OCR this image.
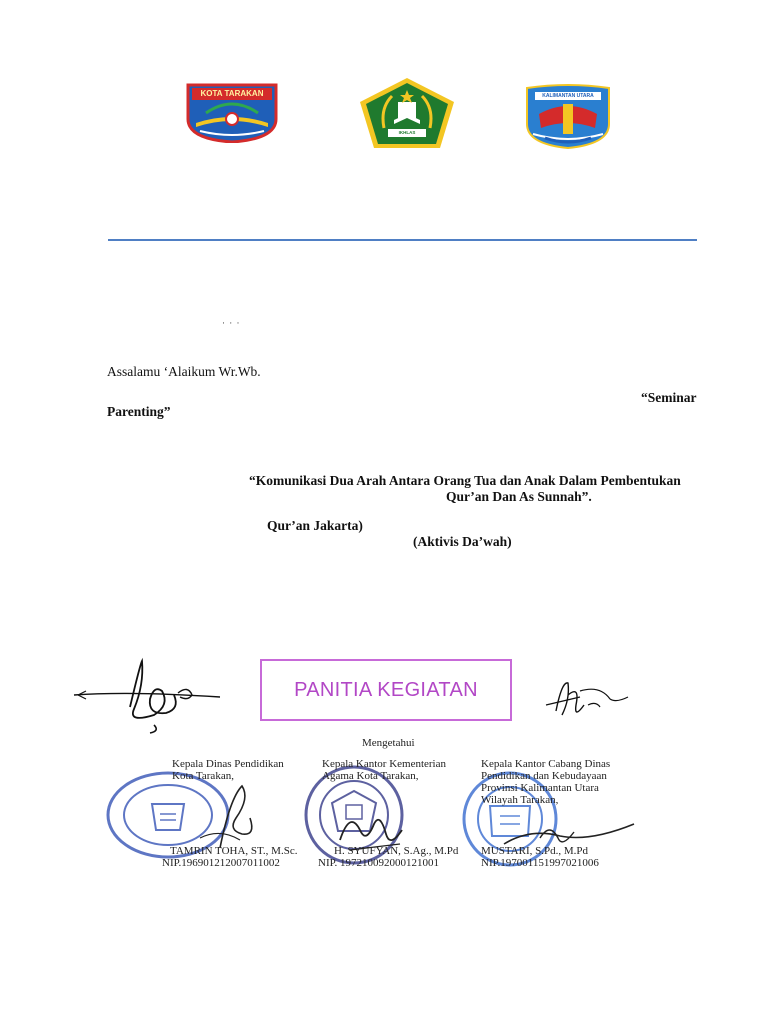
KOTA TARAKAN
IKHLAS BERAMAL
KALIMANTAN UTARA
· · ·
Assalamu ‘Alaikum Wr.Wb.
“Seminar
Parenting”
“Komunikasi Dua Arah Antara Orang Tua dan Anak Dalam Pembentukan
Qur’an Dan As Sunnah”.
Qur’an Jakarta)
(Aktivis Da’wah)
PANITIA KEGIATAN
Mengetahui
Kepala Dinas Pendidikan
Kota Tarakan,
Kepala Kantor Kementerian
Agama Kota Tarakan,
Kepala Kantor Cabang Dinas
Pendidikan dan Kebudayaan
Provinsi Kalimantan Utara
Wilayah Tarakan,
TAMRIN TOHA, ST., M.Sc.
NIP.196901212007011002
H. SYUFYAN, S.Ag., M.Pd
NIP. 197210092000121001
MUSTARI, S.Pd., M.Pd
NIP.197001151997021006
